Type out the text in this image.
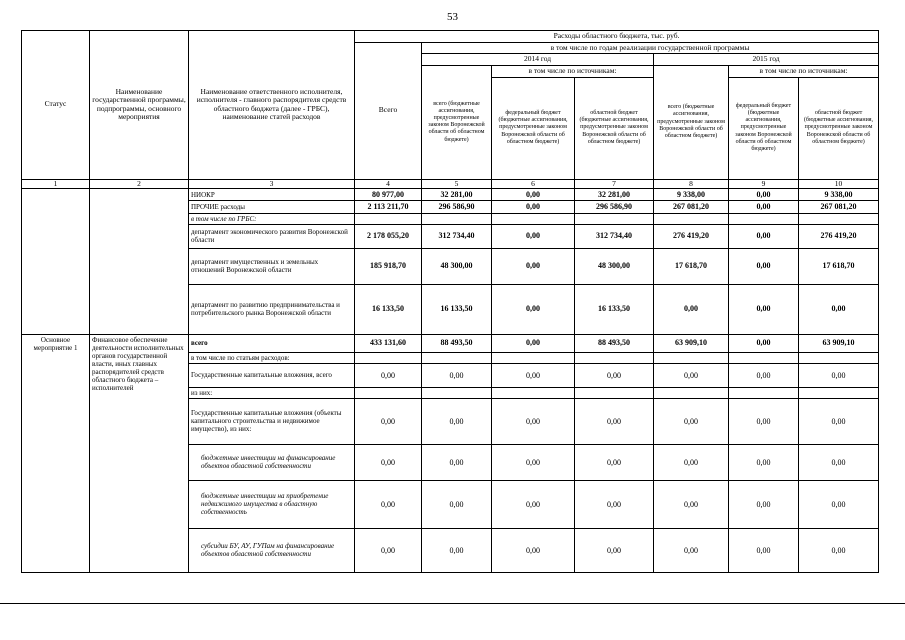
53
Статус	Наименование государственной программы, подпрограммы, основного мероприятия	Наименование ответственного исполнителя, исполнителя - главного распорядителя средств областного бюджета (далее - ГРБС), наименование статей расходов	Расходы областного бюджета, тыс. руб.						
			Всего	в том числе по годам реализации государственной программы					
				2014 год			2015 год		
				всего (бюджетные ассигнования, предусмотренные законом Воронежской области об областном бюджете)	в том числе по источникам:		всего (бюджетные ассигнования, предусмотренные законом Воронежской области об областном бюджете)	в том числе по источникам:	
					федеральный бюджет (бюджетные ассигнования, предусмотренные законом Воронежской области об областном бюджете)	областной бюджет (бюджетные ассигнования, предусмотренные законом Воронежской области об областном бюджете)		федеральный бюджет (бюджетные ассигнования, предусмотренные законом Воронежской области об областном бюджете)	областной бюджет (бюджетные ассигнования, предусмотренные законом Воронежской области об областном бюджете)
1	2	3	4	5	6	7	8	9	10
		НИОКР	80 977,00	32 281,00	0,00	32 281,00	9 338,00	0,00	9 338,00
		ПРОЧИЕ расходы	2 113 211,70	296 586,90	0,00	296 586,90	267 081,20	0,00	267 081,20
		в том числе по ГРБС:							
		департамент экономического развития Воронежской области	2 178 055,20	312 734,40	0,00	312 734,40	276 419,20	0,00	276 419,20
		департамент имущественных и земельных отношений Воронежской области	185 918,70	48 300,00	0,00	48 300,00	17 618,70	0,00	17 618,70
		департамент по развитию предпринимательства и потребительского рынка Воронежской области	16 133,50	16 133,50	0,00	16 133,50	0,00	0,00	0,00
Основное мероприятие 1	Финансовое обеспечение деятельности исполнительных органов государственной власти, иных главных распорядителей средств областного бюджета – исполнителей	всего	433 131,60	88 493,50	0,00	88 493,50	63 909,10	0,00	63 909,10
		в том числе по статьям расходов:							
		Государственные капитальные вложения, всего	0,00	0,00	0,00	0,00	0,00	0,00	0,00
		из них:							
		Государственные капитальные вложения (объекты капитального строительства и недвижимое имущество), из них:	0,00	0,00	0,00	0,00	0,00	0,00	0,00
		бюджетные инвестиции на финансирование объектов областной собственности	0,00	0,00	0,00	0,00	0,00	0,00	0,00
		бюджетные инвестиции на приобретение недвижимого имущества в областную собственность	0,00	0,00	0,00	0,00	0,00	0,00	0,00
		субсидии БУ, АУ, ГУПам на финансирование объектов областной собственности	0,00	0,00	0,00	0,00	0,00	0,00	0,00
